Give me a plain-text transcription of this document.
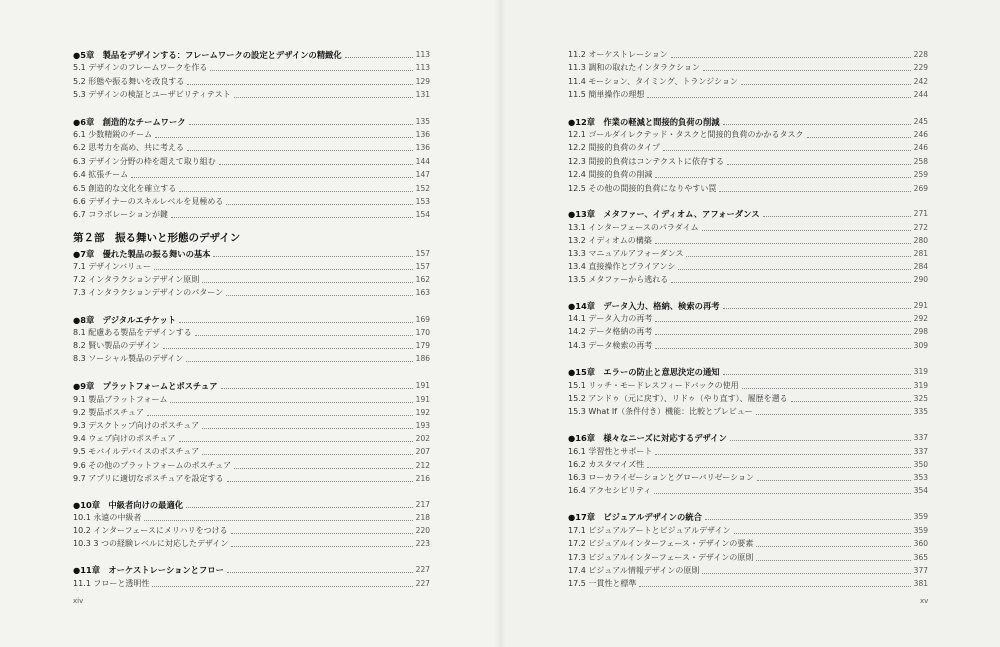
●5章　製品をデザインする：フレームワークの設定とデザインの精緻化	113
5.1 デザインのフレームワークを作る	113
5.2 形態や振る舞いを改良する	129
5.3 デザインの検証とユーザビリティテスト	131
●6章　創造的なチームワーク	135
6.1 少数精鋭のチーム	136
6.2 思考力を高め、共に考える	136
6.3 デザイン分野の枠を超えて取り組む	144
6.4 拡張チーム	147
6.5 創造的な文化を確立する	152
6.6 デザイナーのスキルレベルを見極める	153
6.7 コラボレーションが鍵	154
第２部　振る舞いと形態のデザイン
●7章　優れた製品の振る舞いの基本	157
7.1 デザインバリュー	157
7.2 インタラクションデザイン原則	162
7.3 インタラクションデザインのパターン	163
●8章　デジタルエチケット	169
8.1 配慮ある製品をデザインする	170
8.2 賢い製品のデザイン	179
8.3 ソーシャル製品のデザイン	186
●9章　プラットフォームとポスチュア	191
9.1 製品プラットフォーム	191
9.2 製品ポスチュア	192
9.3 デスクトップ向けのポスチュア	193
9.4 ウェブ向けのポスチュア	202
9.5 モバイルデバイスのポスチュア	207
9.6 その他のプラットフォームのポスチュア	212
9.7 アプリに適切なポスチュアを設定する	216
●10章　中級者向けの最適化	217
10.1 永遠の中級者	218
10.2 インターフェースにメリハリをつける	220
10.3 3 つの経験レベルに対応したデザイン	223
●11章　オーケストレーションとフロー	227
11.1 フローと透明性	227
xiv
11.2 オーケストレーション	228
11.3 調和の取れたインタラクション	229
11.4 モーション、タイミング、トランジション	242
11.5 簡単操作の理想	244
●12章　作業の軽減と間接的負荷の削減	245
12.1 ゴールダイレクテッド・タスクと間接的負荷のかかるタスク	246
12.2 間接的負荷のタイプ	246
12.3 間接的負荷はコンテクストに依存する	258
12.4 間接的負荷の削減	259
12.5 その他の間接的負荷になりやすい罠	269
●13章　メタファー、イディオム、アフォーダンス	271
13.1 インターフェースのパラダイム	272
13.2 イディオムの構築	280
13.3 マニュアルアフォーダンス	281
13.4 直接操作とプライアンシ	284
13.5 メタファーから逃れる	290
●14章　データ入力、格納、検索の再考	291
14.1 データ入力の再考	292
14.2 データ格納の再考	298
14.3 データ検索の再考	309
●15章　エラーの防止と意思決定の通知	319
15.1 リッチ・モードレスフィードバックの使用	319
15.2 アンドゥ（元に戻す）、リドゥ（やり直す）、履歴を遡る	325
15.3 What If（条件付き）機能：比較とプレビュー	335
●16章　様々なニーズに対応するデザイン	337
16.1 学習性とサポート	337
16.2 カスタマイズ性	350
16.3 ローカライゼーションとグローバリゼーション	353
16.4 アクセシビリティ	354
●17章　ビジュアルデザインの統合	359
17.1 ビジュアルアートとビジュアルデザイン	359
17.2 ビジュアルインターフェース・デザインの要素	360
17.3 ビジュアルインターフェース・デザインの原則	365
17.4 ビジュアル情報デザインの原則	377
17.5 一貫性と標準	381
xv
